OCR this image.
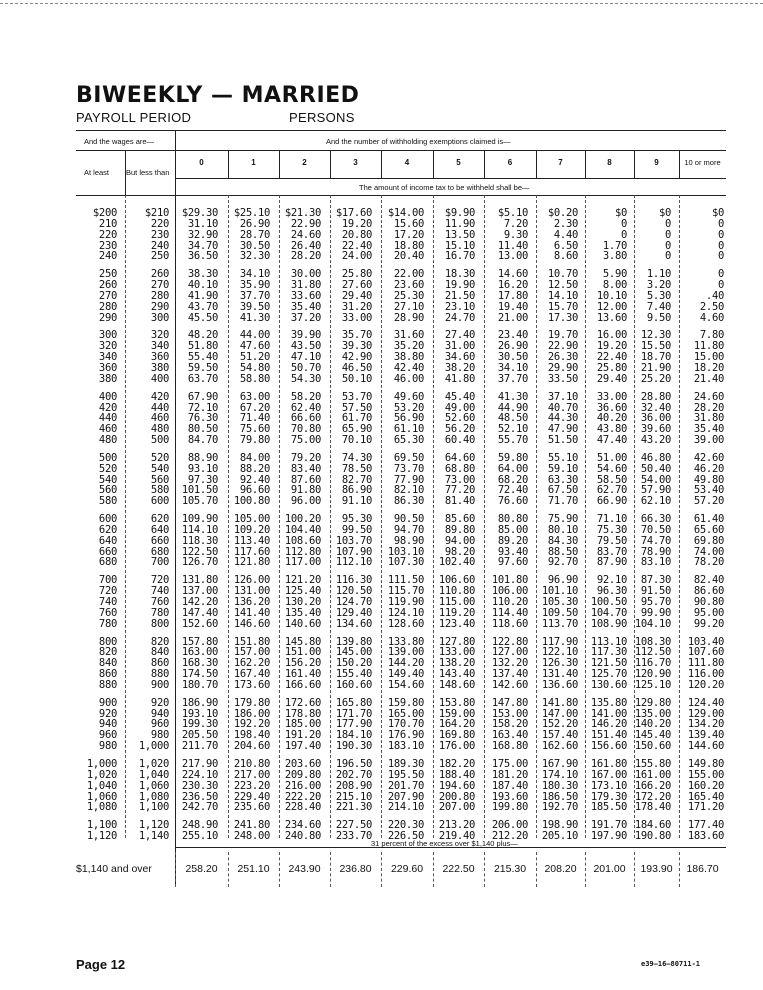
BIWEEKLY — MARRIED
PAYROLL PERIOD	PERSONS
And the wages are—	And the number of withholding exemptions claimed is—
At least But less than
The amount of income tax to be withheld shall be—
31 percent of the excess over $1,140 plus—
0	1	2	3	4	5	6	7	8	9	10 or more
$200	$210 $29.30 $25.10 $21.30 $17.60 $14.00 $9.90 $5.10 $0.20	$0	$0	$0
210	220 31.10 26.90 22.90 19.20 15.60 11.90	7.20 2.30	0	0	0
220	230 32.90 28.70 24.60 20.80 17.20 13.50	9.30 4.40	0	0	0
230	240 34.70 30.50 26.40 22.40 18.80 15.10 11.40 6.50 1.70	0	0
240	250 36.50 32.30 28.20 24.00 20.40 16.70 13.00 8.60 3.80	0	0
250	260 38.30 34.10 30.00 25.80 22.00 18.30 14.60 10.70 5.90 1.10	0
260	270 40.10 35.90 31.80 27.60 23.60 19.90 16.20 12.50 8.00 3.20	0
270	280 41.90 37.70 33.60 29.40 25.30 21.50 17.80 14.10 10.10 5.30	.40
280	290 43.70 39.50 35.40 31.20 27.10 23.10 19.40 15.70 12.00 7.40	2.50
290	300 45.50 41.30 37.20 33.00 28.90 24.70 21.00 17.30 13.60 9.50	4.60
300	320 48.20 44.00 39.90 35.70 31.60 27.40 23.40 19.70 16.00 12.30	7.80
320	340 51.80 47.60 43.50 39.30 35.20 31.00 26.90 22.90 19.20 15.50 11.80
340	360 55.40 51.20 47.10 42.90 38.80 34.60 30.50 26.30 22.40 18.70 15.00
360	380 59.50 54.80 50.70 46.50 42.40 38.20 34.10 29.90 25.80 21.90 18.20
380	400 63.70 58.80 54.30 50.10 46.00 41.80 37.70 33.50 29.40 25.20 21.40
400	420 67.90 63.00 58.20 53.70 49.60 45.40 41.30 37.10 33.00 28.80 24.60
420	440 72.10 67.20 62.40 57.50 53.20 49.00 44.90 40.70 36.60 32.40 28.20
440	460 76.30 71.40 66.60 61.70 56.90 52.60 48.50 44.30 40.20 36.00 31.80
460	480 80.50 75.60 70.80 65.90 61.10 56.20 52.10 47.90 43.80 39.60 35.40
480	500 84.70 79.80 75.00 70.10 65.30 60.40 55.70 51.50 47.40 43.20 39.00
500	520 88.90 84.00 79.20 74.30 69.50 64.60 59.80 55.10 51.00 46.80 42.60
520	540 93.10 88.20 83.40 78.50 73.70 68.80 64.00 59.10 54.60 50.40 46.20
540	560 97.30 92.40 87.60 82.70 77.90 73.00 68.20 63.30 58.50 54.00 49.80
560	580 101.50 96.60 91.80 86.90 82.10 77.20 72.40 67.50 62.70 57.90 53.40
580	600 105.70 100.80 96.00 91.10 86.30 81.40 76.60 71.70 66.90 62.10 57.20
600	620 109.90 105.00 100.20 95.30 90.50 85.60 80.80 75.90 71.10 66.30 61.40
620	640 114.10 109.20 104.40 99.50 94.70 89.80 85.00 80.10 75.30 70.50 65.60
640	660 118.30 113.40 108.60 103.70 98.90 94.00 89.20 84.30 79.50 74.70 69.80
660	680 122.50 117.60 112.80 107.90 103.10 98.20 93.40 88.50 83.70 78.90 74.00
680	700 126.70 121.80 117.00 112.10 107.30 102.40 97.60 92.70 87.90 83.10 78.20
700	720 131.80 126.00 121.20 116.30 111.50 106.60 101.80 96.90 92.10 87.30 82.40
720	740 137.00 131.00 125.40 120.50 115.70 110.80 106.00 101.10 96.30 91.50 86.60
740	760 142.20 136.20 130.20 124.70 119.90 115.00 110.20 105.30 100.50 95.70 90.80
760	780 147.40 141.40 135.40 129.40 124.10 119.20 114.40 109.50 104.70 99.90 95.00
780	800 152.60 146.60 140.60 134.60 128.60 123.40 118.60 113.70 108.90 104.10 99.20
800	820 157.80 151.80 145.80 139.80 133.80 127.80 122.80 117.90 113.10 108.30 103.40
820	840 163.00 157.00 151.00 145.00 139.00 133.00 127.00 122.10 117.30 112.50 107.60
840	860 168.30 162.20 156.20 150.20 144.20 138.20 132.20 126.30 121.50 116.70 111.80
860	880 174.50 167.40 161.40 155.40 149.40 143.40 137.40 131.40 125.70 120.90 116.00
880	900 180.70 173.60 166.60 160.60 154.60 148.60 142.60 136.60 130.60 125.10 120.20
900	920 186.90 179.80 172.60 165.80 159.80 153.80 147.80 141.80 135.80 129.80 124.40
920	940 193.10 186.00 178.80 171.70 165.00 159.00 153.00 147.00 141.00 135.00 129.00
940	960 199.30 192.20 185.00 177.90 170.70 164.20 158.20 152.20 146.20 140.20 134.20
960	980 205.50 198.40 191.20 184.10 176.90 169.80 163.40 157.40 151.40 145.40 139.40
980 1,000 211.70 204.60 197.40 190.30 183.10 176.00 168.80 162.60 156.60 150.60 144.60
1,000 1,020 217.90 210.80 203.60 196.50 189.30 182.20 175.00 167.90 161.80 155.80 149.80
1,020 1,040 224.10 217.00 209.80 202.70 195.50 188.40 181.20 174.10 167.00 161.00 155.00
1,040 1,060 230.30 223.20 216.00 208.90 201.70 194.60 187.40 180.30 173.10 166.20 160.20
1,060 1,080 236.50 229.40 222.20 215.10 207.90 200.80 193.60 186.50 179.30 172.20 165.40
1,080 1,100 242.70 235.60 228.40 221.30 214.10 207.00 199.80 192.70 185.50 178.40 171.20
1,100 1,120 248.90 241.80 234.60 227.50 220.30 213.20 206.00 198.90 191.70 184.60 177.40
1,120 1,140 255.10 248.00 240.80 233.70 226.50 219.40 212.20 205.10 197.90 190.80 183.60
$1,140 and over	258.20	251.10	243.90	236.80	229.60	222.50	215.30	208.20	201.00	193.90	186.70
Page 12	e39—16—80711-1
